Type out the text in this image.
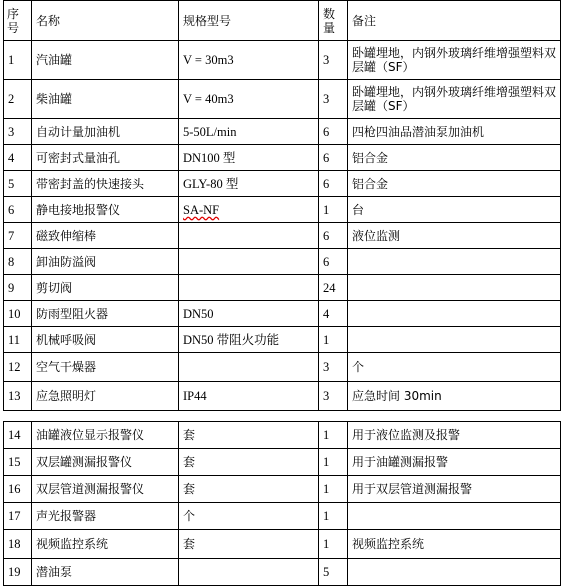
序号	名称	规格型号	数量	备注
1	汽油罐	V = 30m3	3	卧罐埋地，内钢外玻璃纤维增强塑料双层罐（SF）
2	柴油罐	V = 40m3	3	卧罐埋地，内钢外玻璃纤维增强塑料双层罐（SF）
3	自动计量加油机	5-50L/min	6	四枪四油品潜油泵加油机
4	可密封式量油孔	DN100 型	6	铝合金
5	带密封盖的快速接头	GLY-80 型	6	铝合金
6	静电接地报警仪	SA-NF	1	台
7	磁致伸缩棒		6	液位监测
8	卸油防溢阀		6	
9	剪切阀		24	
10	防雨型阻火器	DN50	4	
11	机械呼吸阀	DN50 带阻火功能	1	
12	空气干燥器		3	个
13	应急照明灯	IP44	3	应急时间 30min
14	油罐液位显示报警仪	套	1	用于液位监测及报警
15	双层罐测漏报警仪	套	1	用于油罐测漏报警
16	双层管道测漏报警仪	套	1	用于双层管道测漏报警
17	声光报警器	个	1	
18	视频监控系统	套	1	视频监控系统
19	潜油泵		5	
